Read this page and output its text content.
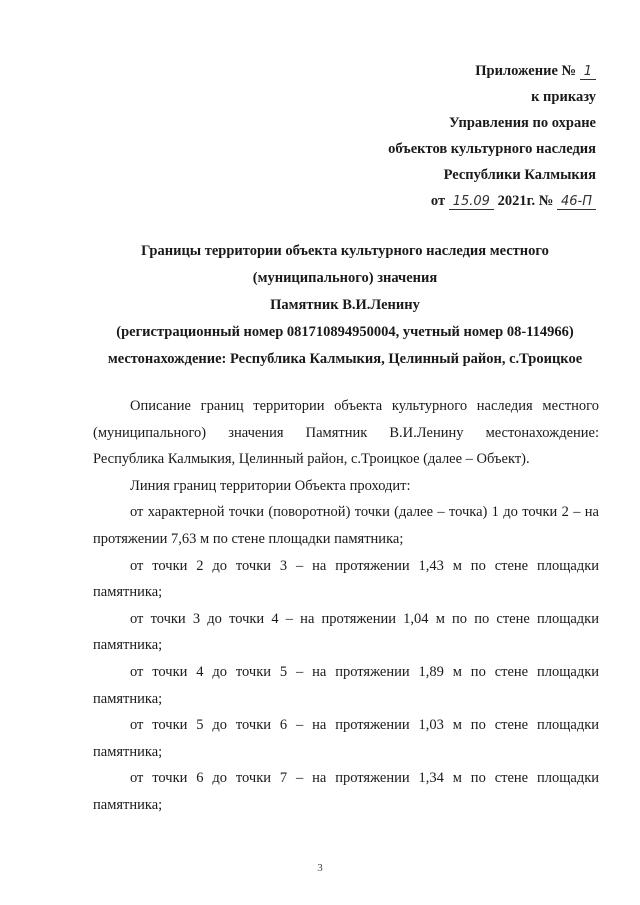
Приложение № 1
к приказу
Управления по охране
объектов культурного наследия
Республики Калмыкия
от 15.09 2021г. № 46-П
Границы территории объекта культурного наследия местного
(муниципального) значения
Памятник В.И.Ленину
(регистрационный номер 081710894950004, учетный номер 08-114966)
местонахождение: Республика Калмыкия, Целинный район, с.Троицкое

Описание границ территории объекта культурного наследия местного (муниципального) значения Памятник В.И.Ленину местонахождение: Республика Калмыкия, Целинный район, с.Троицкое (далее – Объект).

Линия границ территории Объекта проходит:

от характерной точки (поворотной) точки (далее – точка) 1 до точки 2 – на протяжении 7,63 м по стене площадки памятника;

от точки 2 до точки 3 – на протяжении 1,43 м по стене площадки памятника;

от точки 3 до точки 4 – на протяжении 1,04 м по по стене площадки памятника;

от точки 4 до точки 5 – на протяжении 1,89 м по стене площадки памятника;

от точки 5 до точки 6 – на протяжении 1,03 м по стене площадки памятника;

от точки 6 до точки 7 – на протяжении 1,34 м по стене площадки памятника;

3
